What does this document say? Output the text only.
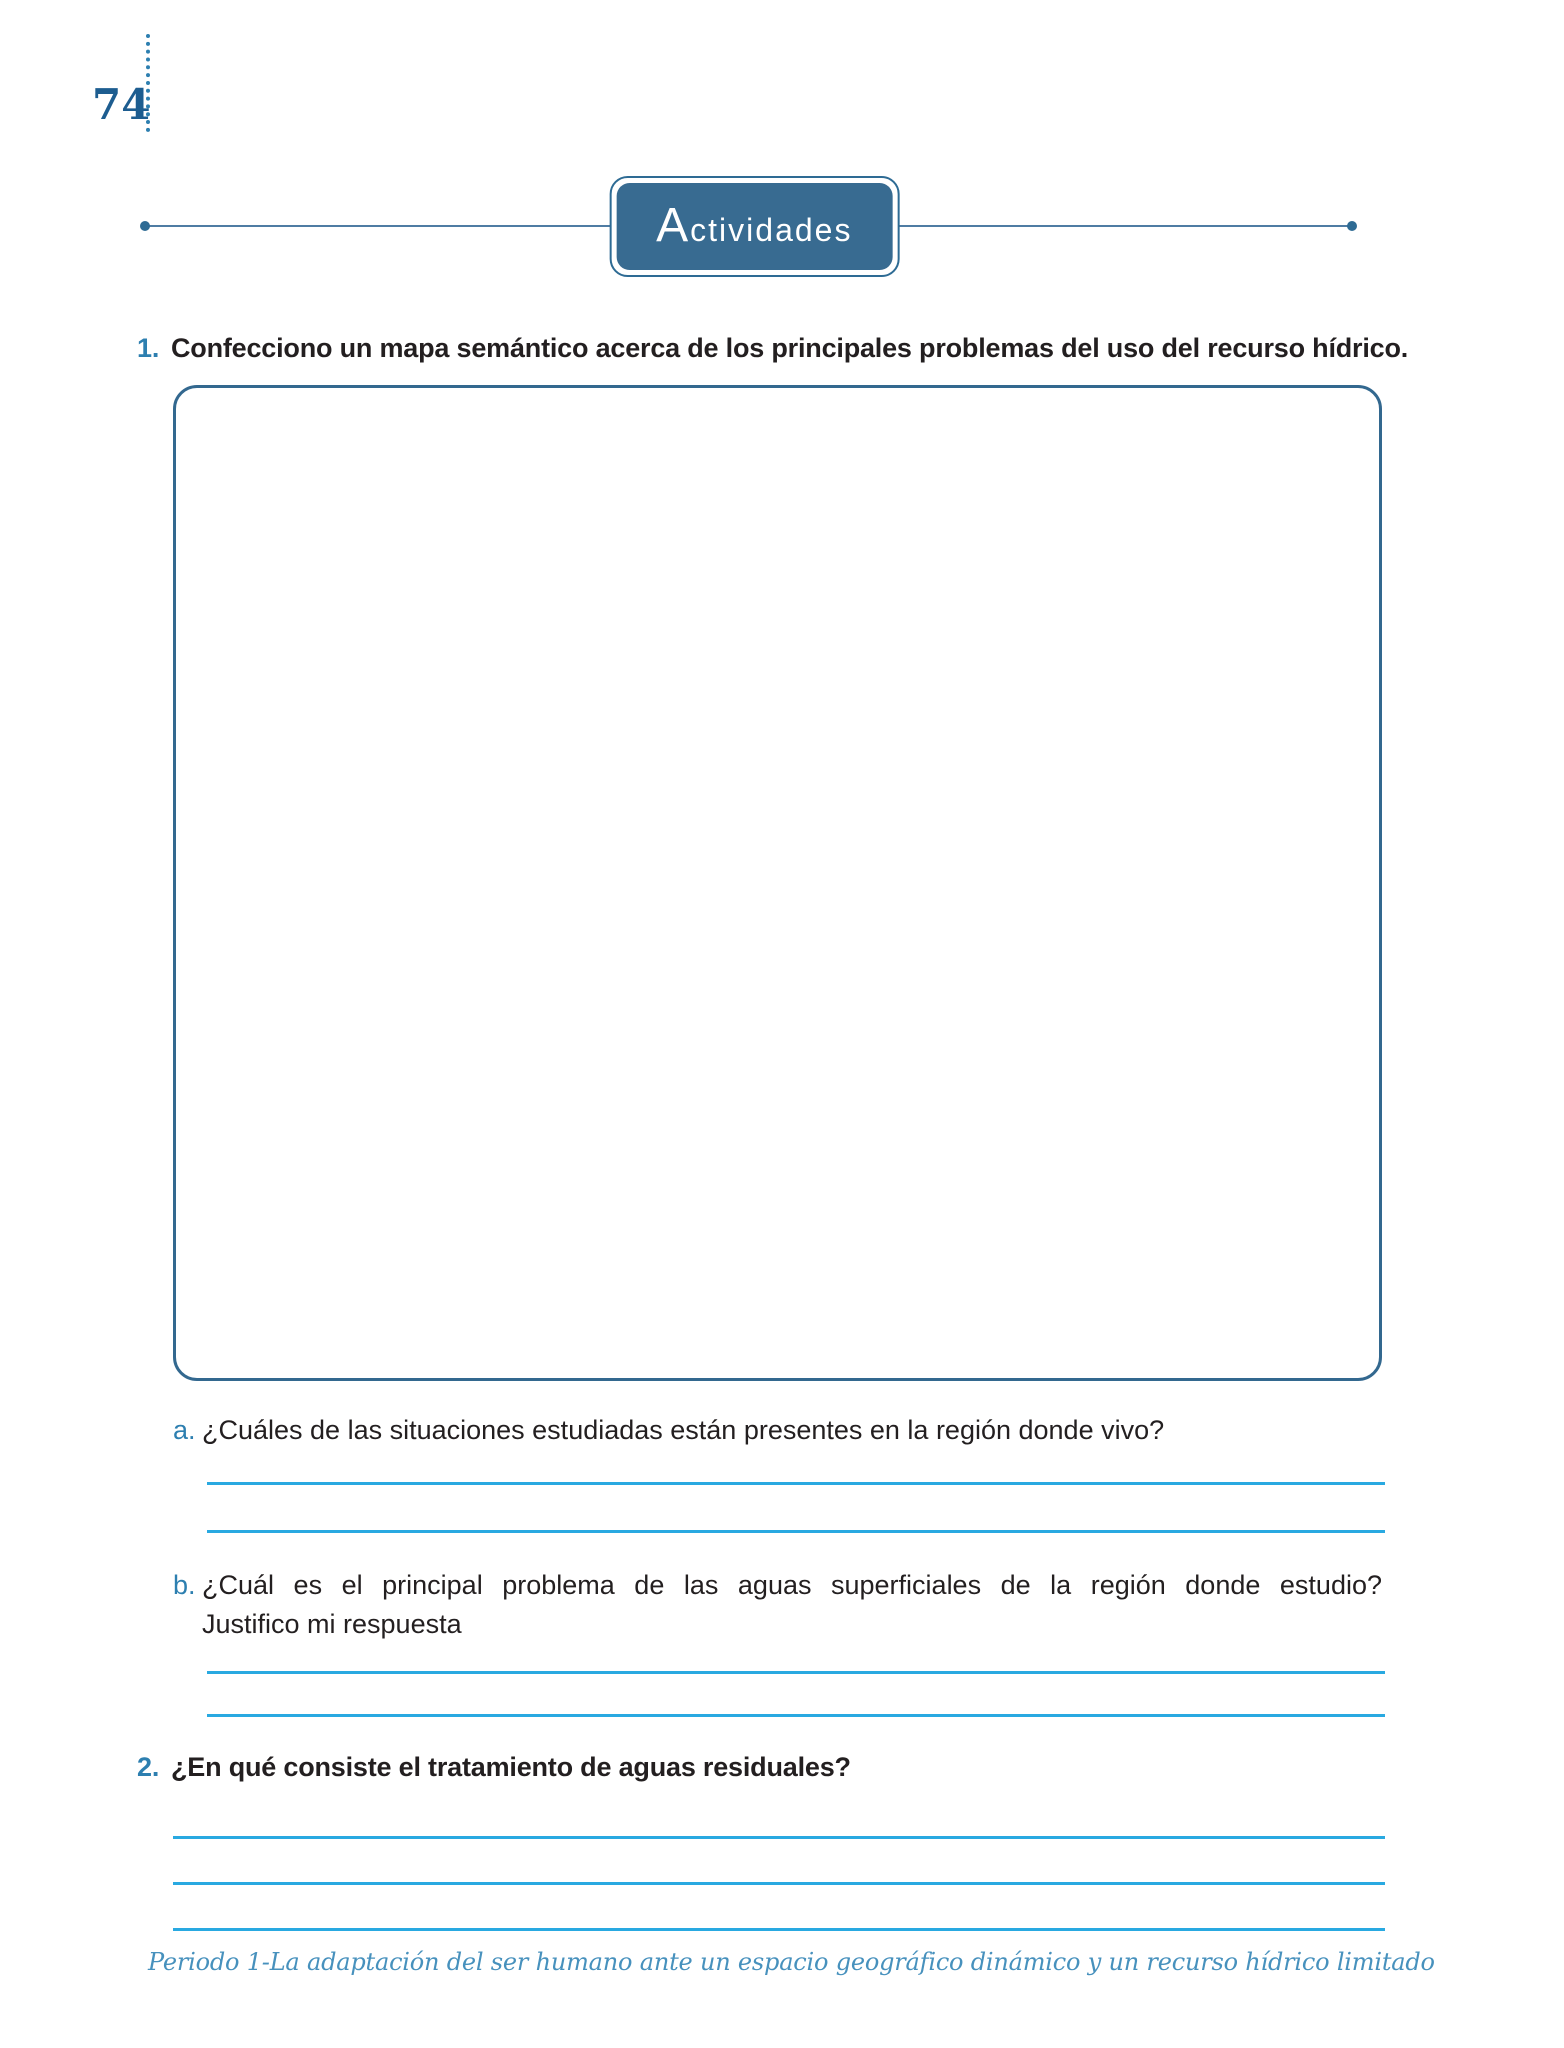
74
Actividades
1. Confecciono un mapa semántico acerca de los principales problemas del uso del recurso hídrico.
a. ¿Cuáles de las situaciones estudiadas están presentes en la región donde vivo?
b. ¿Cuál es el principal problema de las aguas superficiales de la región donde estudio?
Justifico mi respuesta
2. ¿En qué consiste el tratamiento de aguas residuales?
Periodo 1-La adaptación del ser humano ante un espacio geográfico dinámico y un recurso hídrico limitado
